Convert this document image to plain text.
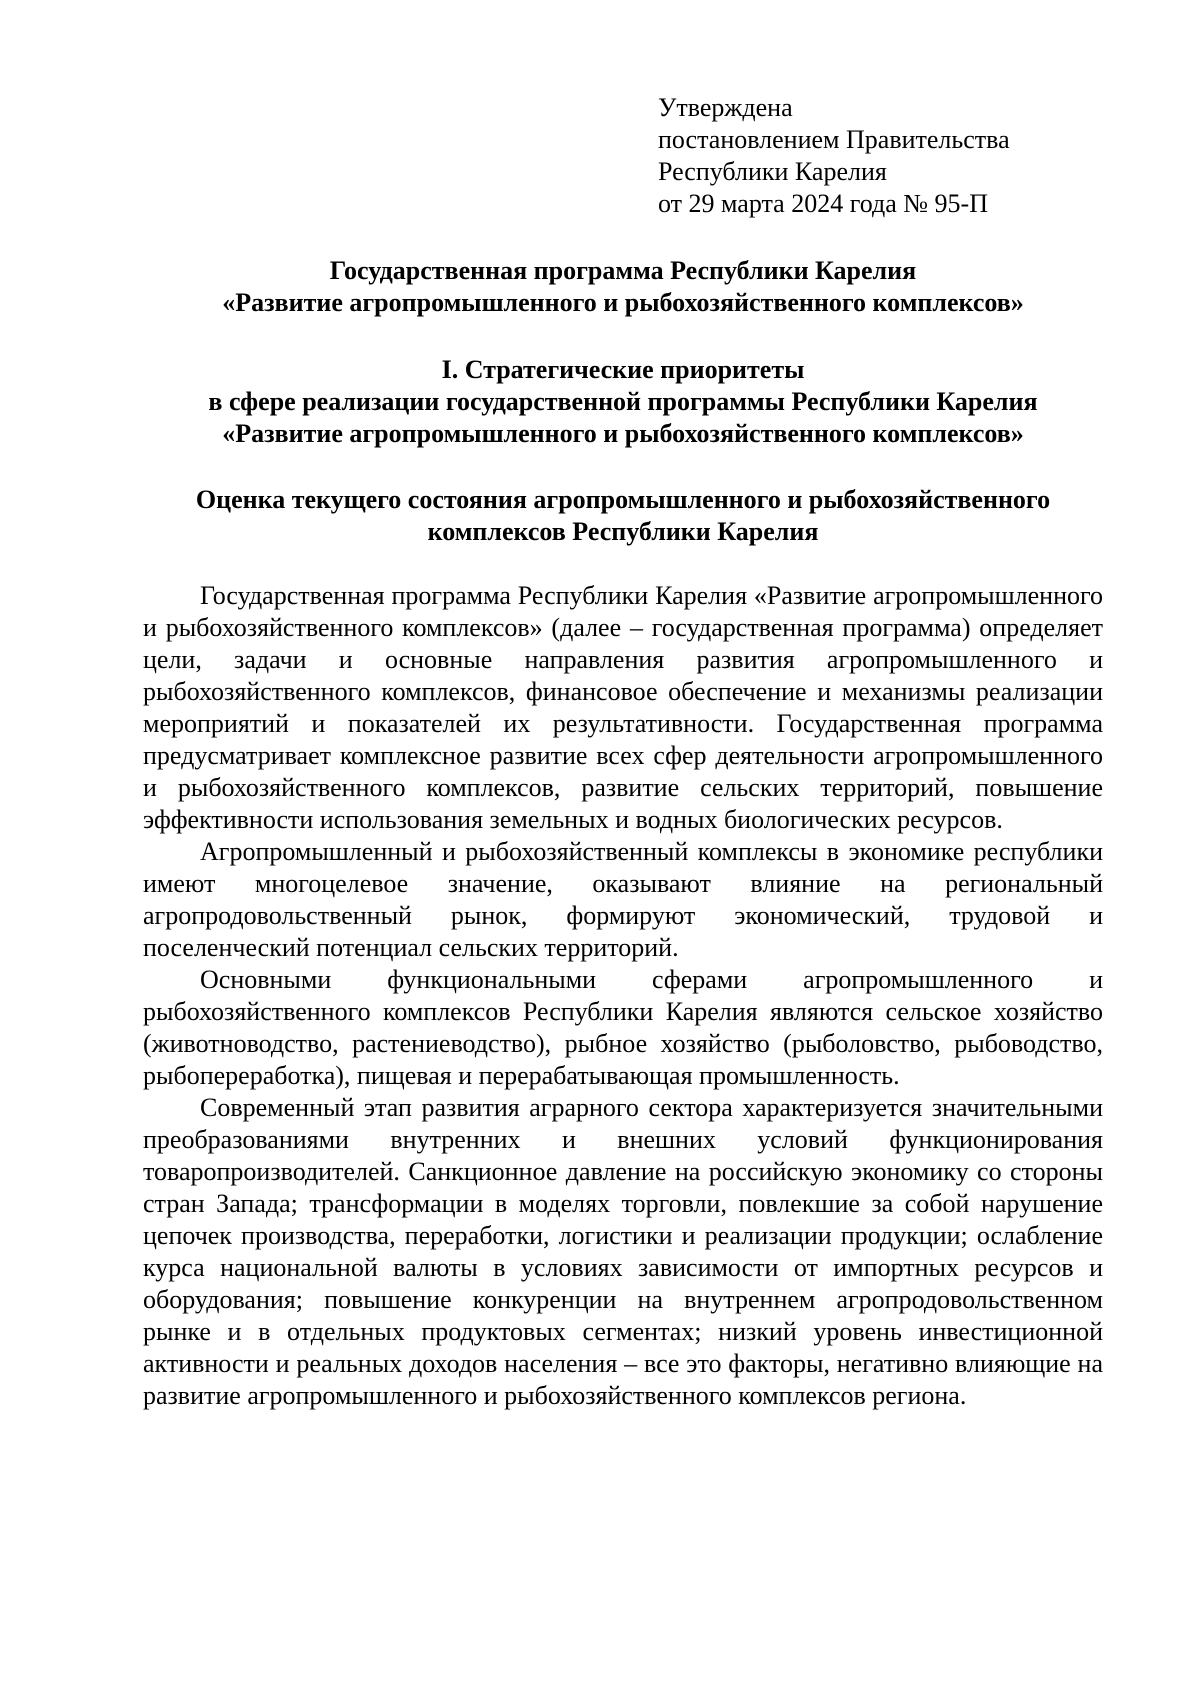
Утверждена
постановлением Правительства
Республики Карелия
от 29 марта 2024 года № 95-П
Государственная программа Республики Карелия
«Развитие агропромышленного и рыбохозяйственного комплексов»
I. Стратегические приоритеты
в сфере реализации государственной программы Республики Карелия
«Развитие агропромышленного и рыбохозяйственного комплексов»
Оценка текущего состояния агропромышленного и рыбохозяйственного
комплексов Республики Карелия

Государственная программа Республики Карелия «Развитие агропромышленного и рыбохозяйственного комплексов» (далее – государственная программа) определяет цели, задачи и основные направления развития агропромышленного и рыбохозяйственного комплексов, финансовое обеспечение и механизмы реализации мероприятий и показателей их результативности. Государственная программа предусматривает комплексное развитие всех сфер деятельности агропромышленного и рыбохозяйственного комплексов, развитие сельских территорий, повышение эффективности использования земельных и водных биологических ресурсов.

Агропромышленный и рыбохозяйственный комплексы в экономике республики имеют многоцелевое значение, оказывают влияние на региональный агропродовольственный рынок, формируют экономический, трудовой и поселенческий потенциал сельских территорий.

Основными функциональными сферами агропромышленного и рыбохозяйственного комплексов Республики Карелия являются сельское хозяйство (животноводство, растениеводство), рыбное хозяйство (рыболовство, рыбоводство, рыбопереработка), пищевая и перерабатывающая промышленность.

Современный этап развития аграрного сектора характеризуется значительными преобразованиями внутренних и внешних условий функционирования товаропроизводителей. Санкционное давление на российскую экономику со стороны стран Запада; трансформации в моделях торговли, повлекшие за собой нарушение цепочек производства, переработки, логистики и реализации продукции; ослабление курса национальной валюты в условиях зависимости от импортных ресурсов и оборудования; повышение конкуренции на внутреннем агропродовольственном рынке и в отдельных продуктовых сегментах; низкий уровень инвестиционной активности и реальных доходов населения – все это факторы, негативно влияющие на развитие агропромышленного и рыбохозяйственного комплексов региона.
